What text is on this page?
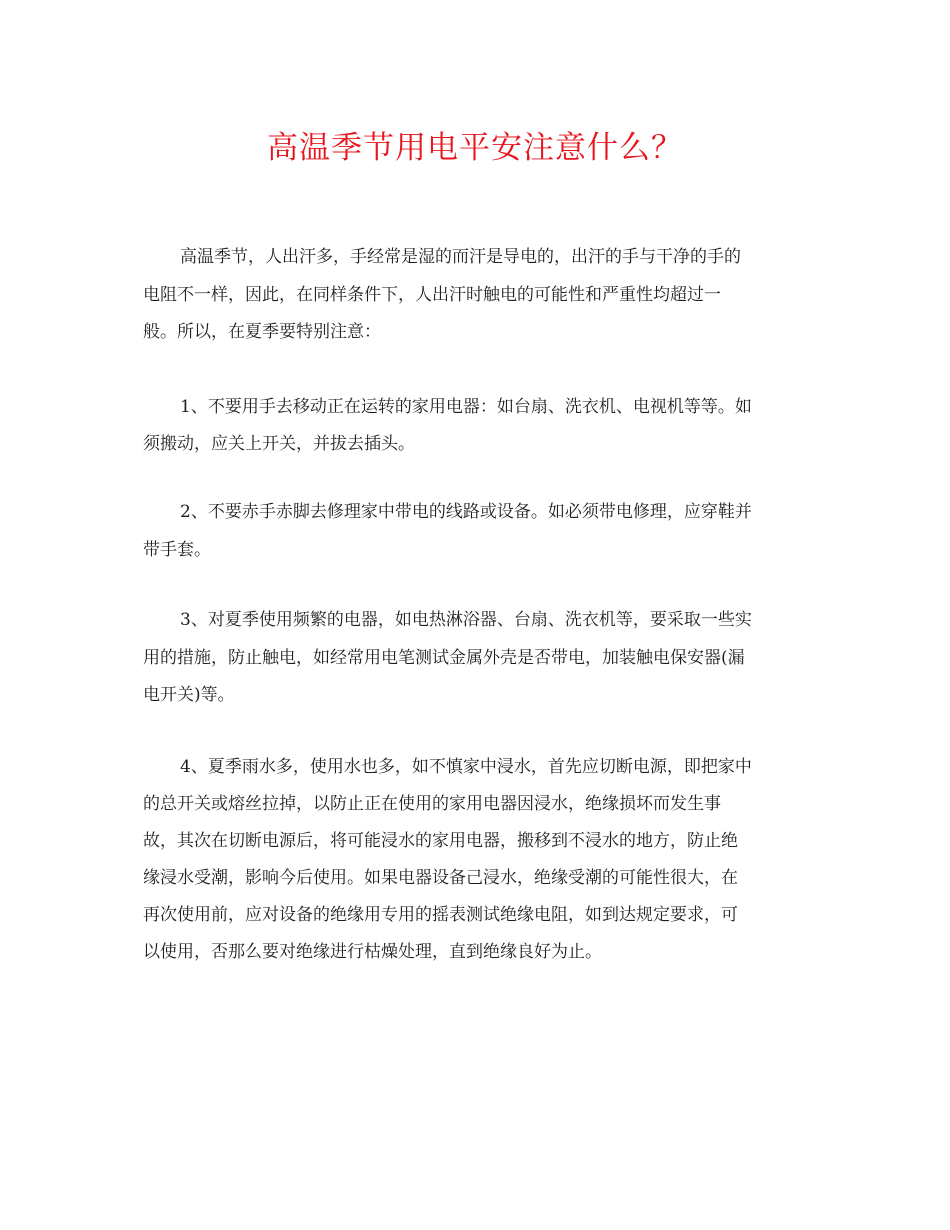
高温季节用电平安注意什么？
高温季节，人出汗多，手经常是湿的而汗是导电的，出汗的手与干净的手的
电阻不一样，因此，在同样条件下，人出汗时触电的可能性和严重性均超过一
般。所以，在夏季要特别注意：
1、不要用手去移动正在运转的家用电器：如台扇、洗衣机、电视机等等。如
须搬动，应关上开关，并拔去插头。
2、不要赤手赤脚去修理家中带电的线路或设备。如必须带电修理，应穿鞋并
带手套。
3、对夏季使用频繁的电器，如电热淋浴器、台扇、洗衣机等，要采取一些实
用的措施，防止触电，如经常用电笔测试金属外壳是否带电，加装触电保安器(漏
电开关)等。
4、夏季雨水多，使用水也多，如不慎家中浸水，首先应切断电源，即把家中
的总开关或熔丝拉掉，以防止正在使用的家用电器因浸水，绝缘损坏而发生事
故，其次在切断电源后，将可能浸水的家用电器，搬移到不浸水的地方，防止绝
缘浸水受潮，影响今后使用。如果电器设备己浸水，绝缘受潮的可能性很大，在
再次使用前，应对设备的绝缘用专用的摇表测试绝缘电阻，如到达规定要求，可
以使用，否那么要对绝缘进行枯燥处理，直到绝缘良好为止。
